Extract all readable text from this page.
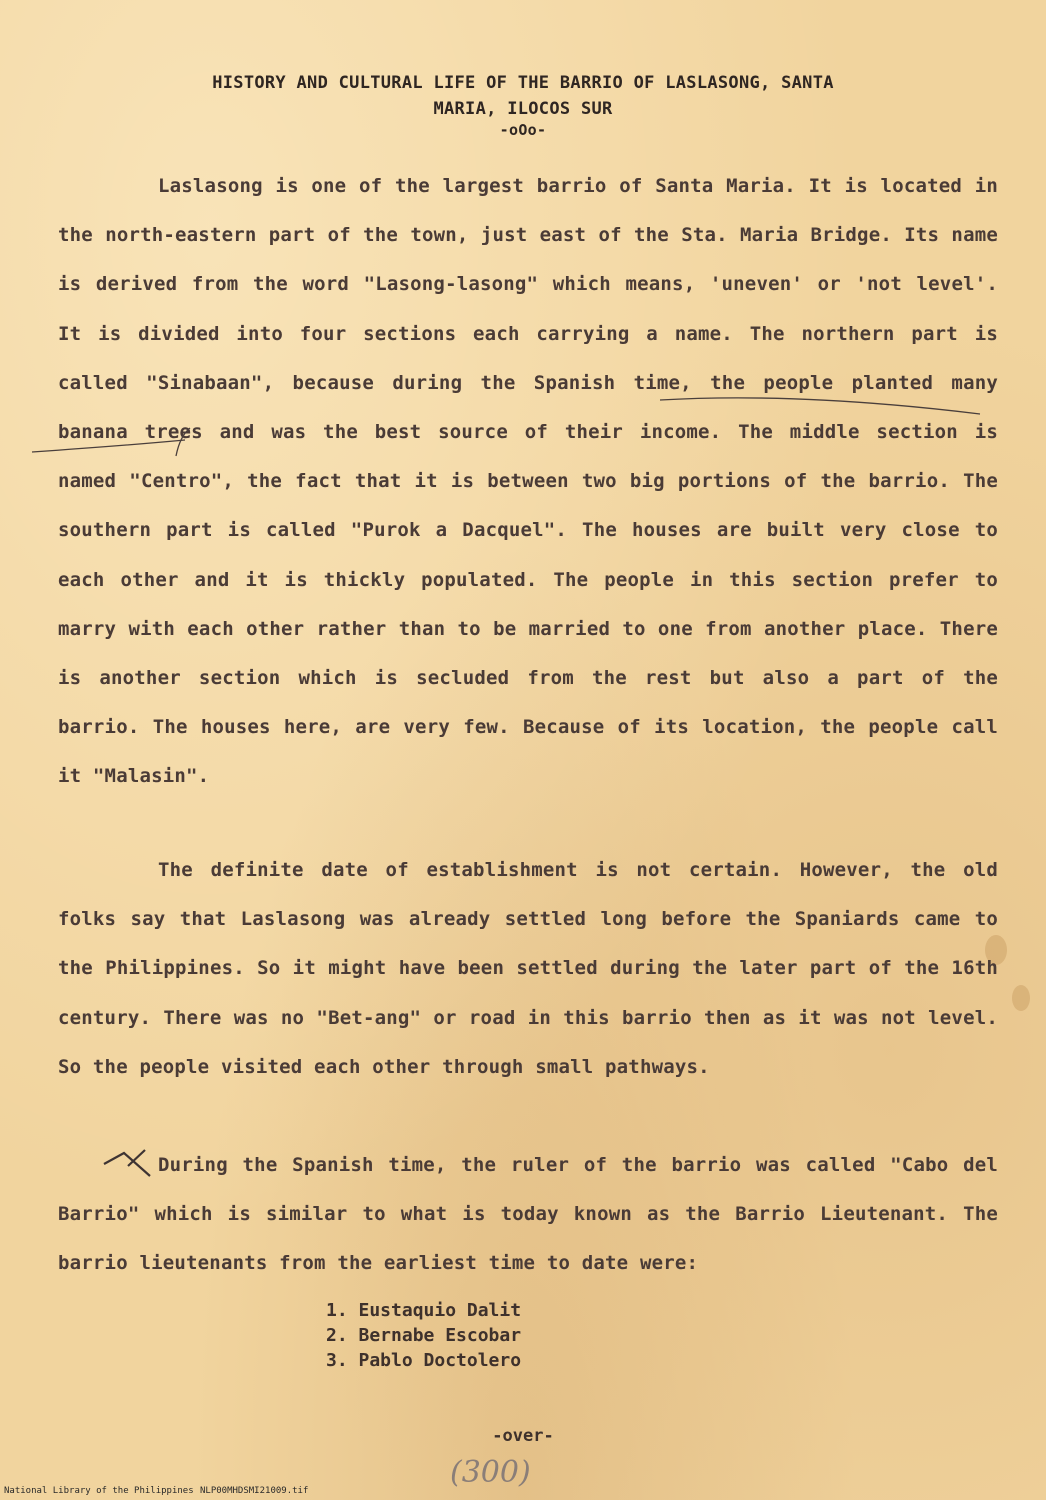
HISTORY AND CULTURAL LIFE OF THE BARRIO OF LASLASONG, SANTA
MARIA, ILOCOS SUR
-oOo-

Laslasong is one of the largest barrio of Santa Maria. It is located in the north-eastern part of the town, just east of the Sta. Maria Bridge. Its name is derived from the word "Lasong-lasong" which means, 'uneven' or 'not level'. It is divided into four sections each carrying a name. The northern part is called "Sinabaan", because during the Spanish time, the people planted many banana trees and was the best source of their income. The middle section is named "Centro", the fact that it is between two big portions of the barrio. The southern part is called "Purok a Dacquel". The houses are built very close to each other and it is thickly populated. The people in this section prefer to marry with each other rather than to be married to one from another place. There is another section which is secluded from the rest but also a part of the barrio. The houses here, are very few. Because of its location, the people call it "Malasin".

The definite date of establishment is not certain. However, the old folks say that Laslasong was already settled long before the Spaniards came to the Philippines. So it might have been settled during the later part of the 16th century. There was no "Bet-ang" or road in this barrio then as it was not level. So the people visited each other through small pathways.

During the Spanish time, the ruler of the barrio was called "Cabo del Barrio" which is similar to what is today known as the Barrio Lieutenant. The barrio lieutenants from the earliest time to date were:

1. Eustaquio Dalit
2. Bernabe Escobar
3. Pablo Doctolero
-over-
(300)
National Library of the Philippines NLP00MHDSMI21009.tif
